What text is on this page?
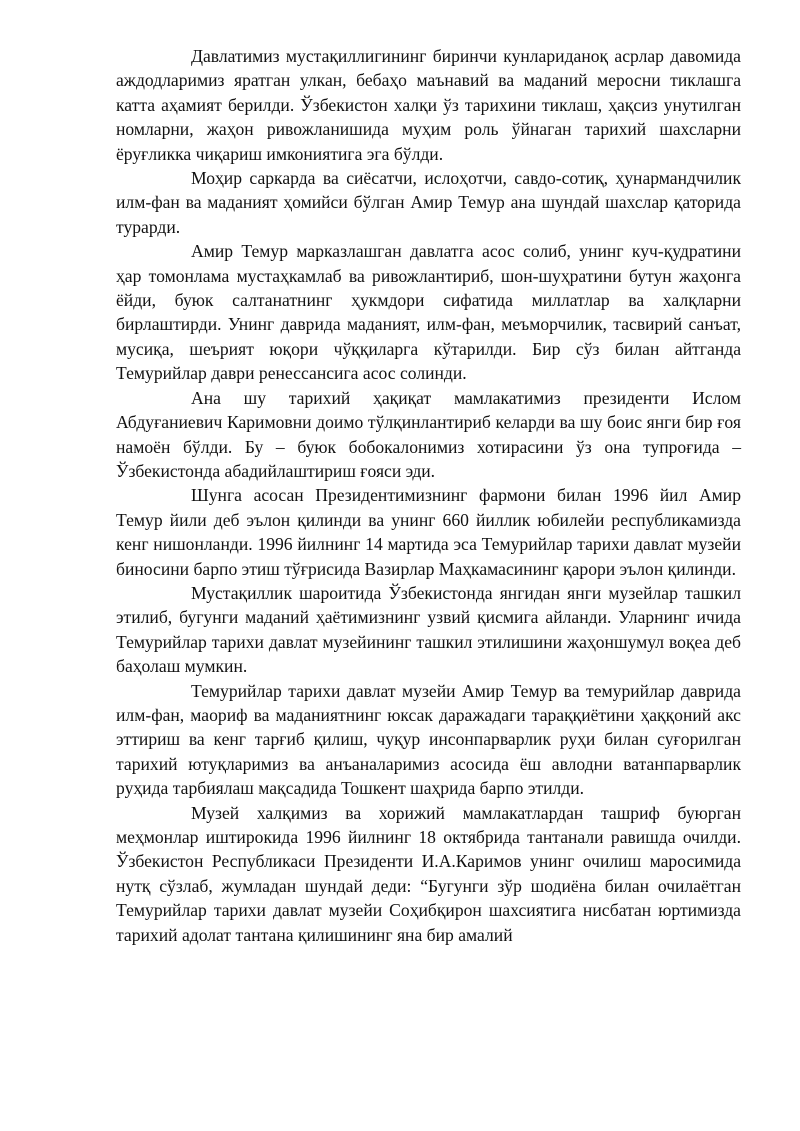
Давлатимиз мустақиллигининг биринчи кунлариданоқ асрлар давомида аждодларимиз яратган улкан, бебаҳо маънавий ва маданий меросни тиклашга катта аҳамият берилди. Ўзбекистон халқи ўз тарихини тиклаш, ҳақсиз унутилган номларни, жаҳон ривожланишида муҳим роль ўйнаган тарихий шахсларни ёруғликка чиқариш имкониятига эга бўлди.

Моҳир саркарда ва сиёсатчи, ислоҳотчи, савдо-сотиқ, ҳунармандчилик илм-фан ва маданият ҳомийси бўлган Амир Темур ана шундай шахслар қаторида турарди.

Амир Темур марказлашган давлатга асос солиб, унинг куч-қудратини ҳар томонлама мустаҳкамлаб ва ривожлантириб, шон-шуҳратини бутун жаҳонга ёйди, буюк салтанатнинг ҳукмдори сифатида миллатлар ва халқларни бирлаштирди. Унинг даврида маданият, илм-фан, меъморчилик, тасвирий санъат, мусиқа, шеърият юқори чўққиларга кўтарилди. Бир сўз билан айтганда Темурийлар даври ренессансига асос солинди.

Ана шу тарихий ҳақиқат мамлакатимиз президенти Ислом Абдуғаниевич Каримовни доимо тўлқинлантириб келарди ва шу боис янги бир ғоя намоён бўлди. Бу – буюк бобокалонимиз хотирасини ўз она тупроғида –Ўзбекистонда абадийлаштириш ғояси эди.

Шунга асосан Президентимизнинг фармони билан 1996 йил Амир Темур йили деб эълон қилинди ва унинг 660 йиллик юбилейи республикамизда кенг нишонланди. 1996 йилнинг 14 мартида эса Темурийлар тарихи давлат музейи биносини барпо этиш тўғрисида Вазирлар Маҳкамасининг қарори эълон қилинди.

Мустақиллик шароитида Ўзбекистонда янгидан янги музейлар ташкил этилиб, бугунги маданий ҳаётимизнинг узвий қисмига айланди. Уларнинг ичида Темурийлар тарихи давлат музейининг ташкил этилишини жаҳоншумул воқеа деб баҳолаш мумкин.

Темурийлар тарихи давлат музейи Амир Темур ва темурийлар даврида илм-фан, маориф ва маданиятнинг юксак даражадаги тараққиётини ҳаққоний акс эттириш ва кенг тарғиб қилиш, чуқур инсонпарварлик руҳи билан суғорилган тарихий ютуқларимиз ва анъаналаримиз асосида ёш авлодни ватанпарварлик руҳида тарбиялаш мақсадида Тошкент шаҳрида барпо этилди.

Музей халқимиз ва хорижий мамлакатлардан ташриф буюрган меҳмонлар иштирокида 1996 йилнинг 18 октябрида тантанали равишда очилди. Ўзбекистон Республикаси Президенти И.А.Каримов унинг очилиш маросимида нутқ сўзлаб, жумладан шундай деди: “Бугунги зўр шодиёна билан очилаётган Темурийлар тарихи давлат музейи Соҳибқирон шахсиятига нисбатан юртимизда тарихий адолат тантана қилишининг яна бир амалий
